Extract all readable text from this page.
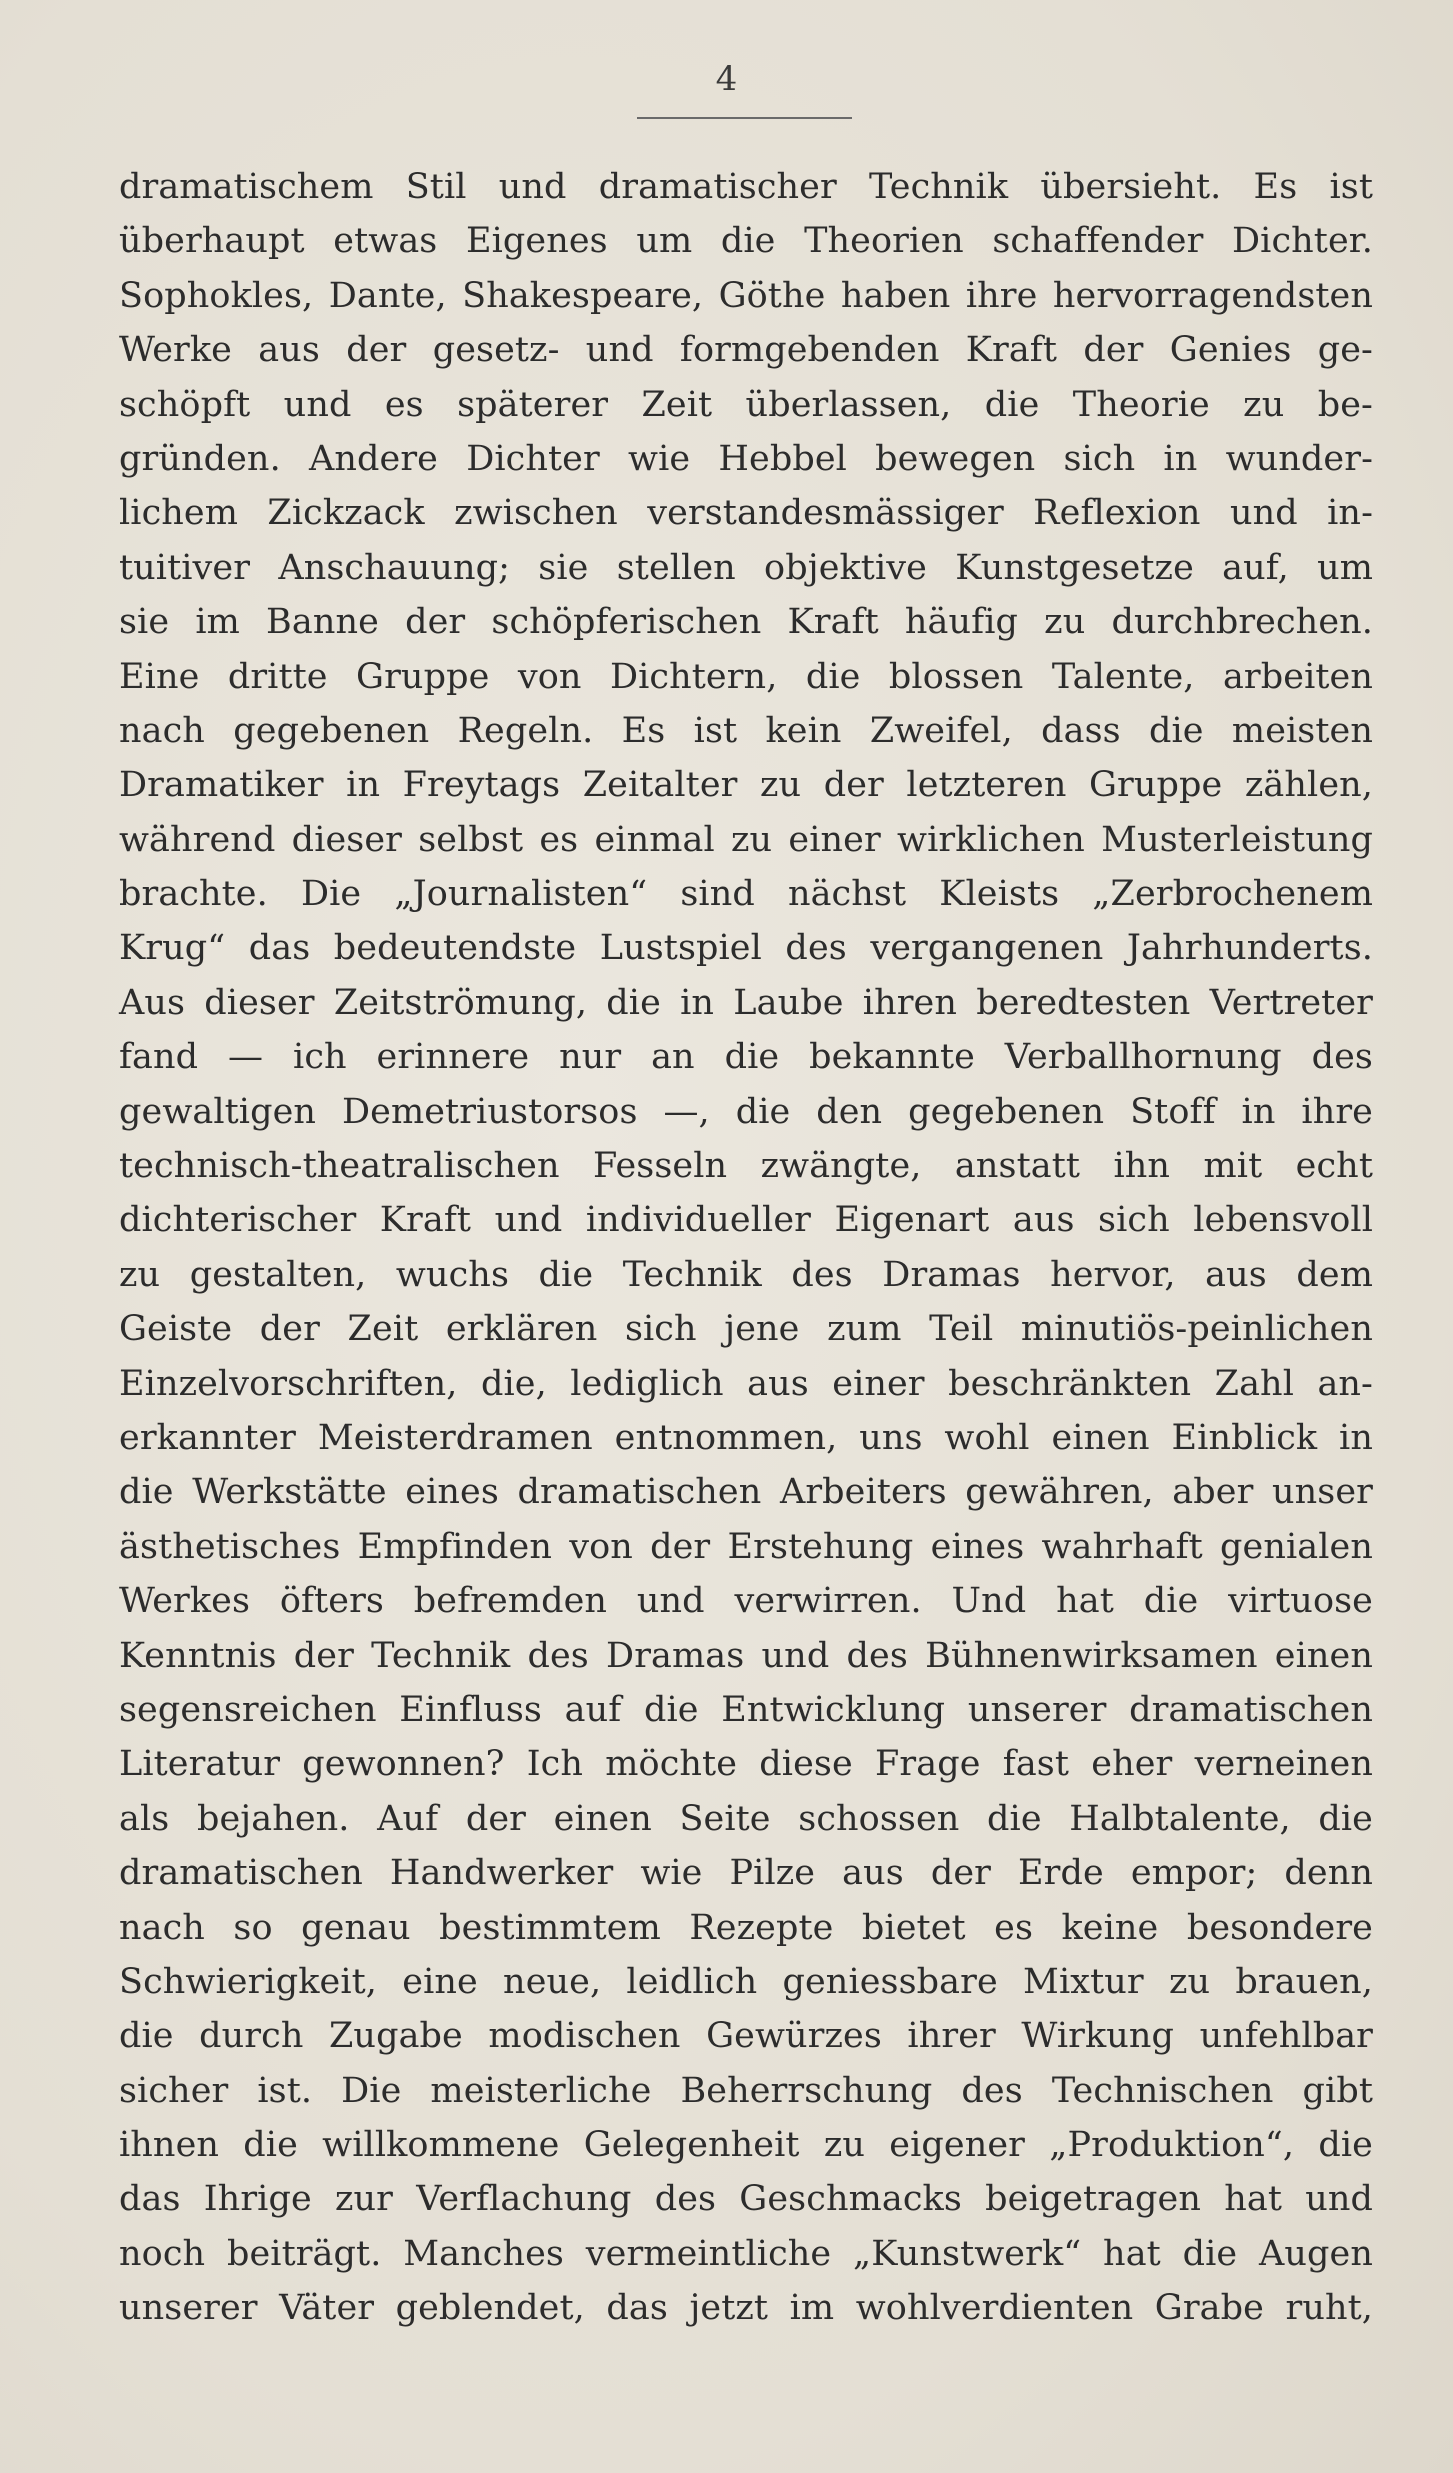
4
dramatischem Stil und dramatischer Technik übersieht. Es ist
überhaupt etwas Eigenes um die Theorien schaffender Dichter.
Sophokles, Dante, Shakespeare, Göthe haben ihre hervorragendsten
Werke aus der gesetz- und formgebenden Kraft der Genies ge-
schöpft und es späterer Zeit überlassen, die Theorie zu be-
gründen. Andere Dichter wie Hebbel bewegen sich in wunder-
lichem Zickzack zwischen verstandesmässiger Reflexion und in-
tuitiver Anschauung; sie stellen objektive Kunstgesetze auf, um
sie im Banne der schöpferischen Kraft häufig zu durchbrechen.
Eine dritte Gruppe von Dichtern, die blossen Talente, arbeiten
nach gegebenen Regeln. Es ist kein Zweifel, dass die meisten
Dramatiker in Freytags Zeitalter zu der letzteren Gruppe zählen,
während dieser selbst es einmal zu einer wirklichen Musterleistung
brachte. Die „Journalisten“ sind nächst Kleists „Zerbrochenem
Krug“ das bedeutendste Lustspiel des vergangenen Jahrhunderts.
Aus dieser Zeitströmung, die in Laube ihren beredtesten Vertreter
fand — ich erinnere nur an die bekannte Verballhornung des
gewaltigen Demetriustorsos —, die den gegebenen Stoff in ihre
technisch-theatralischen Fesseln zwängte, anstatt ihn mit echt
dichterischer Kraft und individueller Eigenart aus sich lebensvoll
zu gestalten, wuchs die Technik des Dramas hervor, aus dem
Geiste der Zeit erklären sich jene zum Teil minutiös-peinlichen
Einzelvorschriften, die, lediglich aus einer beschränkten Zahl an-
erkannter Meisterdramen entnommen, uns wohl einen Einblick in
die Werkstätte eines dramatischen Arbeiters gewähren, aber unser
ästhetisches Empfinden von der Erstehung eines wahrhaft genialen
Werkes öfters befremden und verwirren. Und hat die virtuose
Kenntnis der Technik des Dramas und des Bühnenwirksamen einen
segensreichen Einfluss auf die Entwicklung unserer dramatischen
Literatur gewonnen? Ich möchte diese Frage fast eher verneinen
als bejahen. Auf der einen Seite schossen die Halbtalente, die
dramatischen Handwerker wie Pilze aus der Erde empor; denn
nach so genau bestimmtem Rezepte bietet es keine besondere
Schwierigkeit, eine neue, leidlich geniessbare Mixtur zu brauen,
die durch Zugabe modischen Gewürzes ihrer Wirkung unfehlbar
sicher ist. Die meisterliche Beherrschung des Technischen gibt
ihnen die willkommene Gelegenheit zu eigener „Produktion“, die
das Ihrige zur Verflachung des Geschmacks beigetragen hat und
noch beiträgt. Manches vermeintliche „Kunstwerk“ hat die Augen
unserer Väter geblendet, das jetzt im wohlverdienten Grabe ruht,
